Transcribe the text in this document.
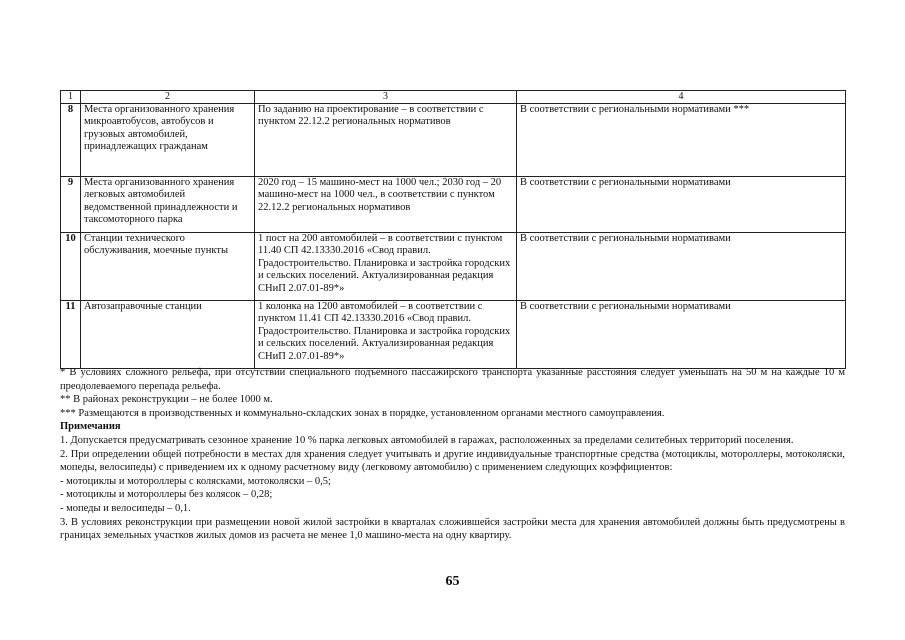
1	2	3	4
8	Места организованного хранения микроавтобусов, автобусов и грузовых автомобилей, принадлежащих гражданам	По заданию на проектирование – в соответствии с пунктом 22.12.2 региональных нормативов	В соответствии с региональными нормативами ***
9	Места организованного хранения легковых автомобилей ведомственной принадлежности и таксомоторного парка	2020 год – 15 машино-мест на 1000 чел.; 2030 год – 20 машино-мест на 1000 чел., в соответствии с пунктом 22.12.2 региональных нормативов	В соответствии с региональными нормативами
10	Станции технического обслуживания, моечные пункты	1 пост на 200 автомобилей – в соответствии с пунктом 11.40 СП 42.13330.2016 «Свод правил. Градостроительство. Планировка и застройка городских и сельских поселений. Актуализированная редакция СНиП 2.07.01-89*»	В соответствии с региональными нормативами
11	Автозаправочные станции	1 колонка на 1200 автомобилей – в соответствии с пунктом 11.41 СП 42.13330.2016 «Свод правил. Градостроительство. Планировка и застройка городских и сельских поселений. Актуализированная редакция СНиП 2.07.01-89*»	В соответствии с региональными нормативами

* В условиях сложного рельефа, при отсутствии специального подъемного пассажирского транспорта указанные расстояния следует уменьшать на 50 м на каждые 10 м преодолеваемого перепада рельефа.

** В районах реконструкции – не более 1000 м.

*** Размещаются в производственных и коммунально-складских зонах в порядке, установленном органами местного самоуправления.

Примечания

1. Допускается предусматривать сезонное хранение 10 % парка легковых автомобилей в гаражах, расположенных за пределами селитебных территорий поселения.

2. При определении общей потребности в местах для хранения следует учитывать и другие индивидуальные транспортные средства (мотоциклы, мотороллеры, мотоколяски, мопеды, велосипеды) с приведением их к одному расчетному виду (легковому автомобилю) с применением следующих коэффициентов:

- мотоциклы и мотороллеры с колясками, мотоколяски – 0,5;

- мотоциклы и мотороллеры без колясок – 0,28;

- мопеды и велосипеды – 0,1.

3. В условиях реконструкции при размещении новой жилой застройки в кварталах сложившейся застройки места для хранения автомобилей должны быть предусмотрены в границах земельных участков жилых домов из расчета не менее 1,0 машино-места на одну квартиру.

65
